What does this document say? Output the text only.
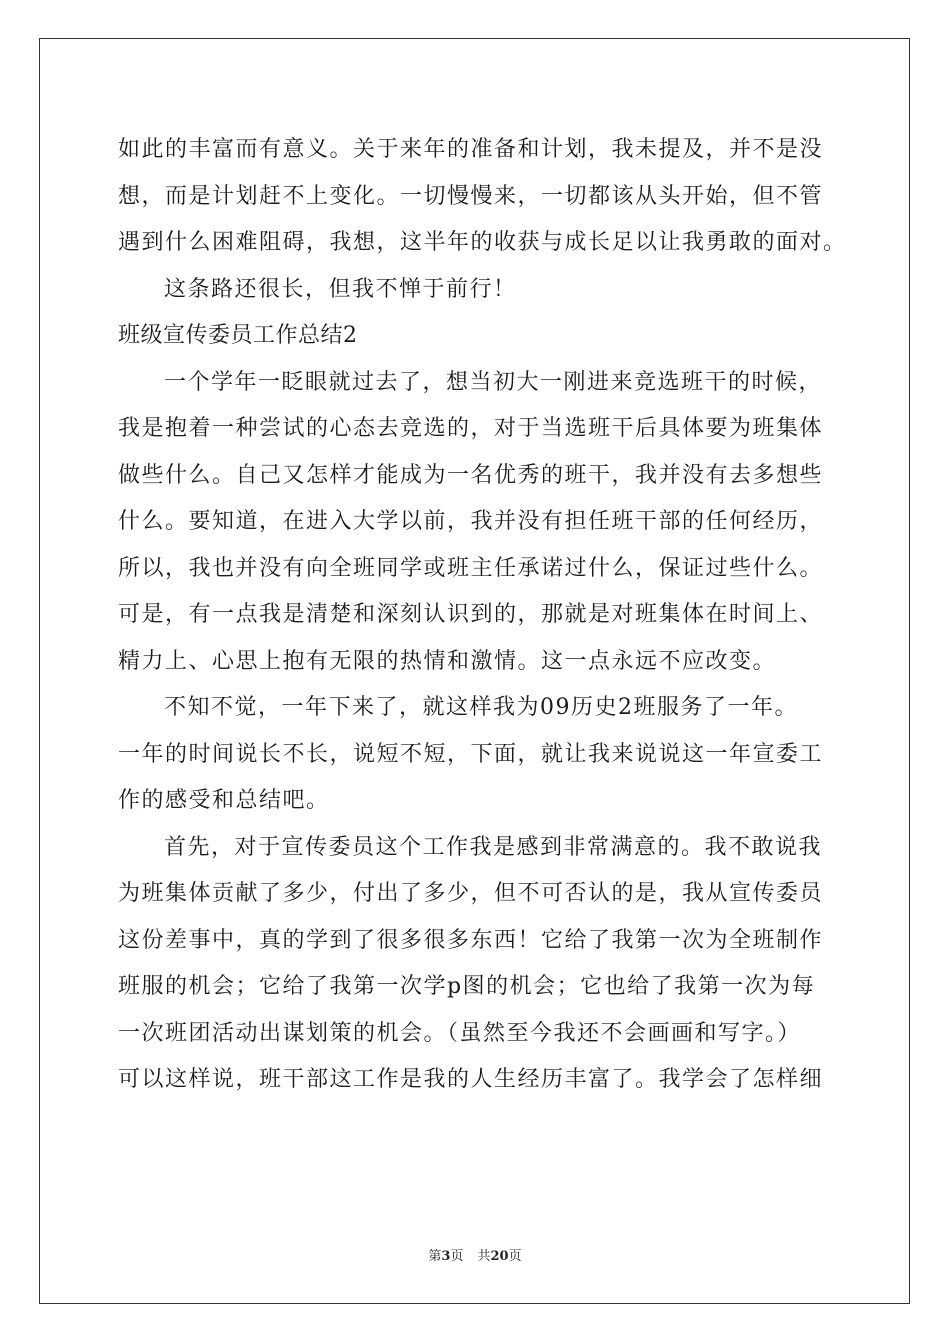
如此的丰富而有意义。关于来年的准备和计划，我未提及，并不是没
想，而是计划赶不上变化。一切慢慢来，一切都该从头开始，但不管
遇到什么困难阻碍，我想，这半年的收获与成长足以让我勇敢的面对。
这条路还很长，但我不惮于前行！
班级宣传委员工作总结2
一个学年一眨眼就过去了，想当初大一刚进来竞选班干的时候，
我是抱着一种尝试的心态去竞选的，对于当选班干后具体要为班集体
做些什么。自己又怎样才能成为一名优秀的班干，我并没有去多想些
什么。要知道，在进入大学以前，我并没有担任班干部的任何经历，
所以，我也并没有向全班同学或班主任承诺过什么，保证过些什么。
可是，有一点我是清楚和深刻认识到的，那就是对班集体在时间上、
精力上、心思上抱有无限的热情和激情。这一点永远不应改变。
不知不觉，一年下来了，就这样我为09历史2班服务了一年。
一年的时间说长不长，说短不短，下面，就让我来说说这一年宣委工
作的感受和总结吧。
首先，对于宣传委员这个工作我是感到非常满意的。我不敢说我
为班集体贡献了多少，付出了多少，但不可否认的是，我从宣传委员
这份差事中，真的学到了很多很多东西！它给了我第一次为全班制作
班服的机会；它给了我第一次学p图的机会；它也给了我第一次为每
一次班团活动出谋划策的机会。（虽然至今我还不会画画和写字。）
可以这样说，班干部这工作是我的人生经历丰富了。我学会了怎样细
第3页 共20页
